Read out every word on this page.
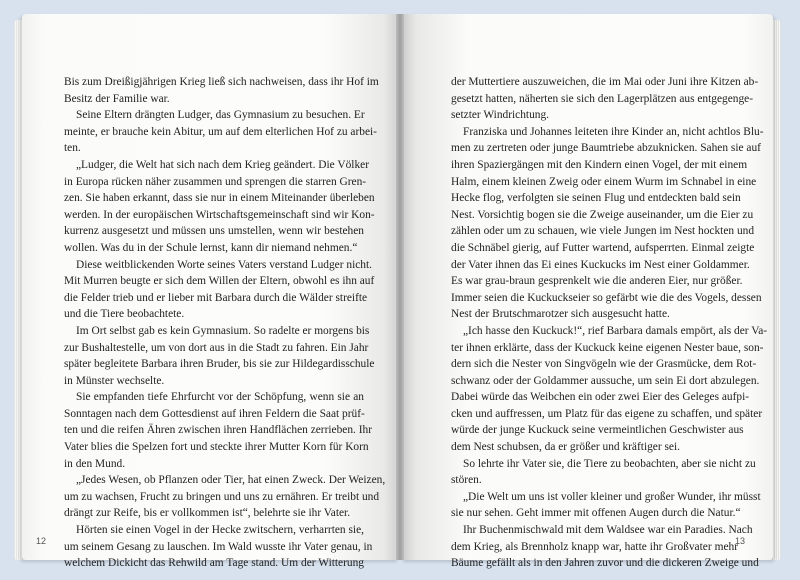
Bis zum Dreißigjährigen Krieg ließ sich nachweisen, dass ihr Hof im
Besitz der Familie war.
Seine Eltern drängten Ludger, das Gymnasium zu besuchen. Er
meinte, er brauche kein Abitur, um auf dem elterlichen Hof zu arbei-
ten.
„Ludger, die Welt hat sich nach dem Krieg geändert. Die Völker
in Europa rücken näher zusammen und sprengen die starren Gren-
zen. Sie haben erkannt, dass sie nur in einem Miteinander überleben
werden. In der europäischen Wirtschaftsgemeinschaft sind wir Kon-
kurrenz ausgesetzt und müssen uns umstellen, wenn wir bestehen
wollen. Was du in der Schule lernst, kann dir niemand nehmen.“
Diese weitblickenden Worte seines Vaters verstand Ludger nicht.
Mit Murren beugte er sich dem Willen der Eltern, obwohl es ihn auf
die Felder trieb und er lieber mit Barbara durch die Wälder streifte
und die Tiere beobachtete.
Im Ort selbst gab es kein Gymnasium. So radelte er morgens bis
zur Bushaltestelle, um von dort aus in die Stadt zu fahren. Ein Jahr
später begleitete Barbara ihren Bruder, bis sie zur Hildegardisschule
in Münster wechselte.
Sie empfanden tiefe Ehrfurcht vor der Schöpfung, wenn sie an
Sonntagen nach dem Gottesdienst auf ihren Feldern die Saat prüf-
ten und die reifen Ähren zwischen ihren Handflächen zerrieben. Ihr
Vater blies die Spelzen fort und steckte ihrer Mutter Korn für Korn
in den Mund.
„Jedes Wesen, ob Pflanzen oder Tier, hat einen Zweck. Der Weizen,
um zu wachsen, Frucht zu bringen und uns zu ernähren. Er treibt und
drängt zur Reife, bis er vollkommen ist“, belehrte sie ihr Vater.
Hörten sie einen Vogel in der Hecke zwitschern, verharrten sie,
um seinem Gesang zu lauschen. Im Wald wusste ihr Vater genau, in
welchem Dickicht das Rehwild am Tage stand. Um der Witterung
12
der Muttertiere auszuweichen, die im Mai oder Juni ihre Kitzen ab-
gesetzt hatten, näherten sie sich den Lagerplätzen aus entgegenge-
setzter Windrichtung.
Franziska und Johannes leiteten ihre Kinder an, nicht achtlos Blu-
men zu zertreten oder junge Baumtriebe abzuknicken. Sahen sie auf
ihren Spaziergängen mit den Kindern einen Vogel, der mit einem
Halm, einem kleinen Zweig oder einem Wurm im Schnabel in eine
Hecke flog, verfolgten sie seinen Flug und entdeckten bald sein
Nest. Vorsichtig bogen sie die Zweige auseinander, um die Eier zu
zählen oder um zu schauen, wie viele Jungen im Nest hockten und
die Schnäbel gierig, auf Futter wartend, aufsperrten. Einmal zeigte
der Vater ihnen das Ei eines Kuckucks im Nest einer Goldammer.
Es war grau-braun gesprenkelt wie die anderen Eier, nur größer.
Immer seien die Kuckuckseier so gefärbt wie die des Vogels, dessen
Nest der Brutschmarotzer sich ausgesucht hatte.
„Ich hasse den Kuckuck!“, rief Barbara damals empört, als der Va-
ter ihnen erklärte, dass der Kuckuck keine eigenen Nester baue, son-
dern sich die Nester von Singvögeln wie der Grasmücke, dem Rot-
schwanz oder der Goldammer aussuche, um sein Ei dort abzulegen.
Dabei würde das Weibchen ein oder zwei Eier des Geleges aufpi-
cken und auffressen, um Platz für das eigene zu schaffen, und später
würde der junge Kuckuck seine vermeintlichen Geschwister aus
dem Nest schubsen, da er größer und kräftiger sei.
So lehrte ihr Vater sie, die Tiere zu beobachten, aber sie nicht zu
stören.
„Die Welt um uns ist voller kleiner und großer Wunder, ihr müsst
sie nur sehen. Geht immer mit offenen Augen durch die Natur.“
Ihr Buchenmischwald mit dem Waldsee war ein Paradies. Nach
dem Krieg, als Brennholz knapp war, hatte ihr Großvater mehr
Bäume gefällt als in den Jahren zuvor und die dickeren Zweige und
13
